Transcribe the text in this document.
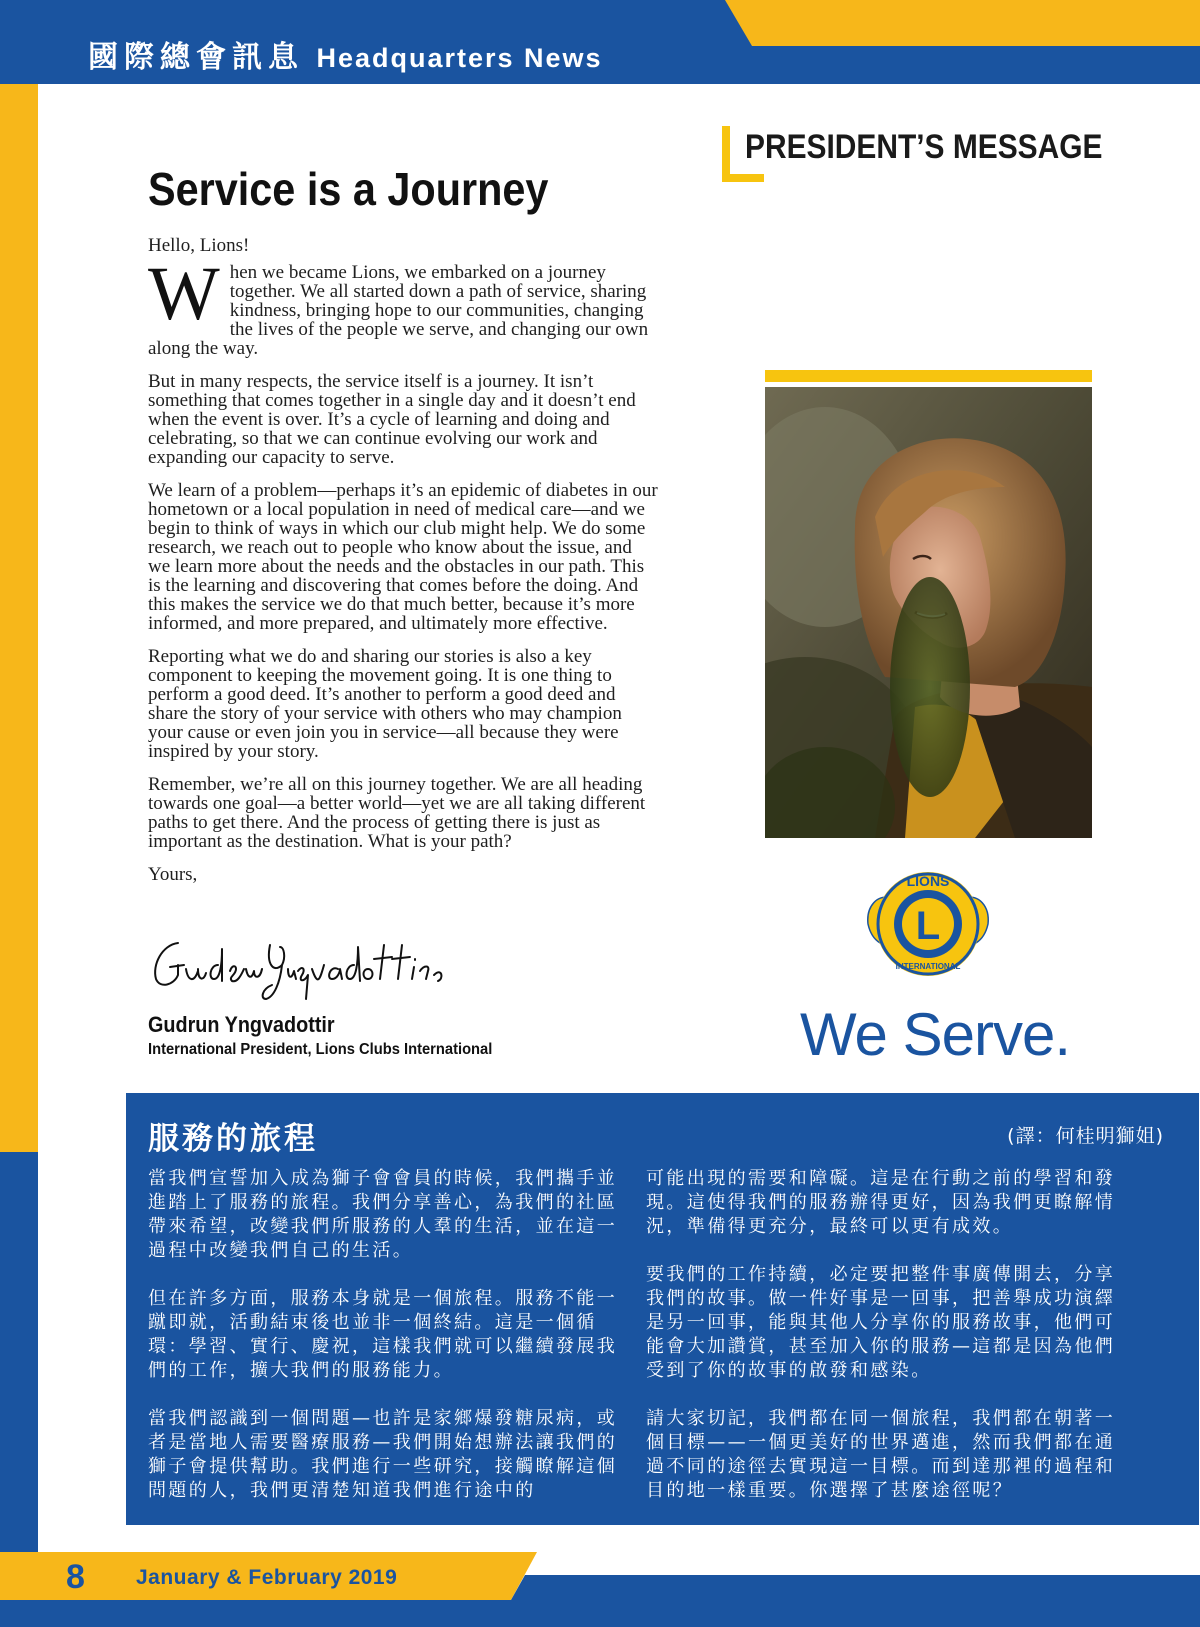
國際總會訊息 Headquarters News
PRESIDENT’S MESSAGE
Service is a Journey

Hello, Lions!

When we became Lions, we embarked on a journey together. We all started down a path of service, sharing kindness, bringing hope to our communities, changing the lives of the people we serve, and changing our own along the way.

But in many respects, the service itself is a journey. It isn’t something that comes together in a single day and it doesn’t end when the event is over. It’s a cycle of learning and doing and celebrating, so that we can continue evolving our work and expanding our capacity to serve.

We learn of a problem—perhaps it’s an epidemic of diabetes in our hometown or a local population in need of medical care—and we begin to think of ways in which our club might help. We do some research, we reach out to people who know about the issue, and we learn more about the needs and the obstacles in our path. This is the learning and discovering that comes before the doing. And this makes the service we do that much better, because it’s more informed, and more prepared, and ultimately more effective.

Reporting what we do and sharing our stories is also a key component to keeping the movement going. It is one thing to perform a good deed. It’s another to perform a good deed and share the story of your service with others who may champion your cause or even join you in service—all because they were inspired by your story.

Remember, we’re all on this journey together. We are all heading towards one goal—a better world—yet we are all taking different paths to get there. And the process of getting there is just as important as the destination. What is your path?

Yours,

Gudrun Yngvadottir
International President, Lions Clubs International
LIONS
INTERNATIONAL
L
We Serve.
服務的旅程	(譯：何桂明獅姐)

當我們宣誓加入成為獅子會會員的時候，我們攜手並進踏上了服務的旅程。我們分享善心，為我們的社區帶來希望，改變我們所服務的人羣的生活，並在這一過程中改變我們自己的生活。

但在許多方面，服務本身就是一個旅程。服務不能一蹴即就，活動結束後也並非一個終結。這是一個循環：學習、實行、慶祝，這樣我們就可以繼續發展我們的工作，擴大我們的服務能力。

當我們認識到一個問題—也許是家鄉爆發糖尿病，或者是當地人需要醫療服務—我們開始想辦法讓我們的獅子會提供幫助。我們進行一些研究，接觸瞭解這個問題的人，我們更清楚知道我們進行途中的

可能出現的需要和障礙。這是在行動之前的學習和發現。這使得我們的服務辦得更好，因為我們更瞭解情況，準備得更充分，最終可以更有成效。

要我們的工作持續，必定要把整件事廣傳開去，分享我們的故事。做一件好事是一回事，把善舉成功演繹是另一回事，能與其他人分享你的服務故事，他們可能會大加讚賞，甚至加入你的服務—這都是因為他們受到了你的故事的啟發和感染。

請大家切記，我們都在同一個旅程，我們都在朝著一個目標——一個更美好的世界邁進，然而我們都在通過不同的途徑去實現這一目標。而到達那裡的過程和目的地一樣重要。你選擇了甚麼途徑呢？

8 January & February 2019
